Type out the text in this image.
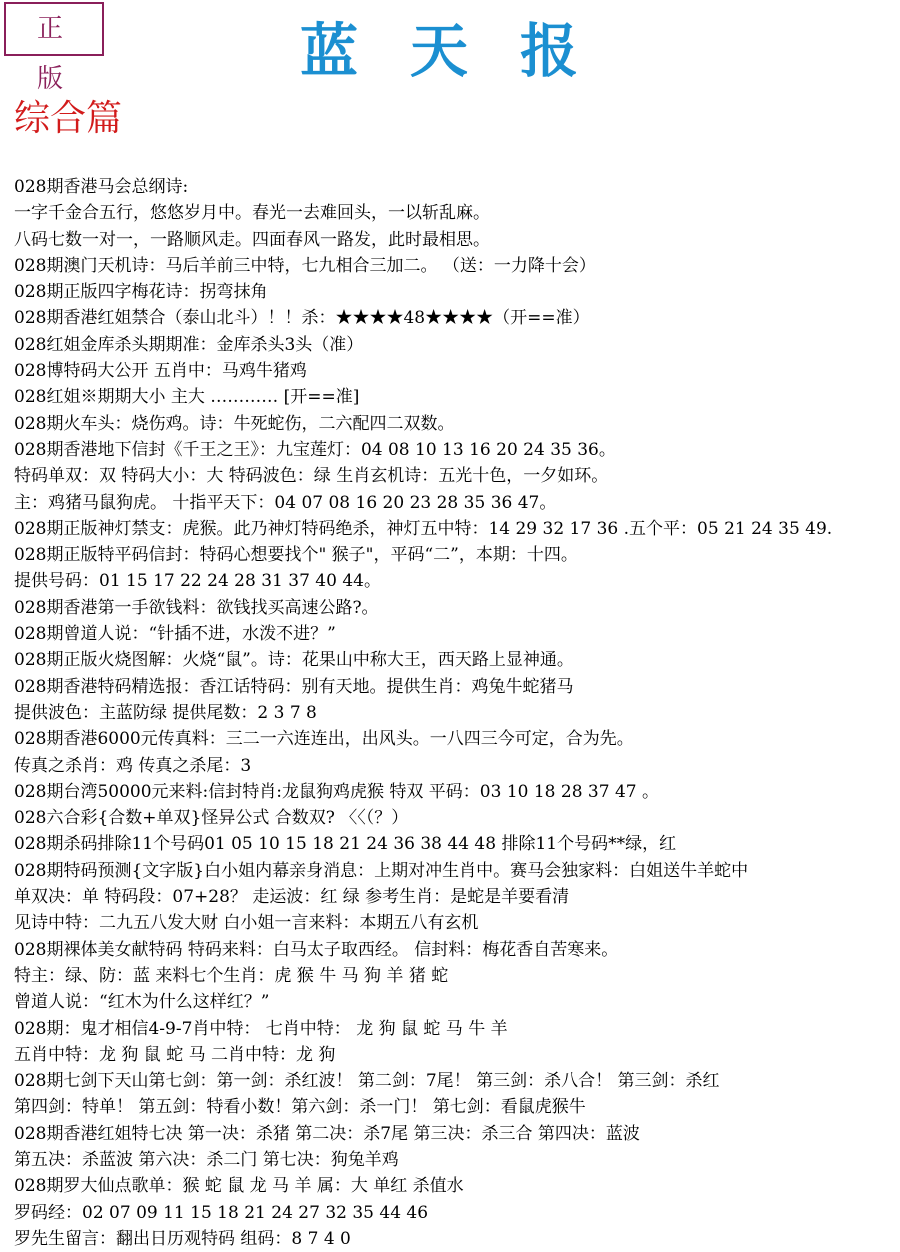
正 版	蓝天报
综合篇
028期香港马会总纲诗:
一字千金合五行，悠悠岁月中。春光一去难回头，一以斩乱麻。
八码七数一对一，一路顺风走。四面春风一路发，此时最相思。
028期澳门天机诗：马后羊前三中特，七九相合三加二。 （送：一力降十会）
028期正版四字梅花诗：拐弯抹角
028期香港红姐禁合（泰山北斗）！！杀：★★★★48★★★★（开==准）
028红姐金库杀头期期准：金库杀头3头（准）
028博特码大公开 五肖中：马鸡牛猪鸡
028红姐※期期大小 主大 ………… [开==准]
028期火车头：烧伤鸡。诗：牛死蛇伤，二六配四二双数。
028期香港地下信封《千王之王》：九宝莲灯：04 08 10 13 16 20 24 35 36。
特码单双：双 特码大小：大 特码波色：绿 生肖玄机诗：五光十色，一夕如环。
主：鸡猪马鼠狗虎。 十指平天下：04 07 08 16 20 23 28 35 36 47。
028期正版神灯禁支：虎猴。此乃神灯特码绝杀，神灯五中特：14 29 32 17 36 .五个平：05 21 24 35 49.
028期正版特平码信封：特码心想要找个" 猴子"，平码“二”，本期：十四。
提供号码：01 15 17 22 24 28 31 37 40 44。
028期香港第一手欲钱料：欲钱找买高速公路?。
028期曾道人说：“针插不进，水泼不进？”
028期正版火烧图解：火烧“鼠”。诗：花果山中称大王，西天路上显神通。
028期香港特码精选报：香江话特码：别有天地。提供生肖：鸡兔牛蛇猪马
提供波色：主蓝防绿 提供尾数：2 3 7 8
028期香港6000元传真料：三二一六连连出，出风头。一八四三今可定，合为先。
传真之杀肖：鸡 传真之杀尾：3
028期台湾50000元来料:信封特肖:龙鼠狗鸡虎猴 特双 平码：03 10 18 28 37 47 。
028六合彩{合数+单双}怪异公式 合数双? 〈〈（？）
028期杀码排除11个号码01 05 10 15 18 21 24 36 38 44 48 排除11个号码**绿，红
028期特码预测{文字版}白小姐内幕亲身消息：上期对冲生肖中。赛马会独家料：白姐送牛羊蛇中
单双决：单 特码段：07+28？ 走运波：红 绿 参考生肖：是蛇是羊要看清
见诗中特：二九五八发大财 白小姐一言来料：本期五八有玄机
028期裸体美女献特码 特码来料：白马太子取西经。 信封料：梅花香自苦寒来。
特主：绿、防：蓝 来料七个生肖：虎 猴 牛 马 狗 羊 猪 蛇
曾道人说：“红木为什么这样红？”
028期：鬼才相信4-9-7肖中特： 七肖中特： 龙 狗 鼠 蛇 马 牛 羊
五肖中特：龙 狗 鼠 蛇 马 二肖中特：龙 狗
028期七剑下天山第七剑：第一剑：杀红波！ 第二剑：7尾！ 第三剑：杀八合！ 第三剑：杀红
第四剑：特单！ 第五剑：特看小数！第六剑：杀一门！ 第七剑：看鼠虎猴牛
028期香港红姐特七决 第一决：杀猪 第二决：杀7尾 第三决：杀三合 第四决：蓝波
第五决：杀蓝波 第六决：杀二门 第七决：狗兔羊鸡
028期罗大仙点歌单：猴 蛇 鼠 龙 马 羊 属：大 单红 杀值水
罗码经：02 07 09 11 15 18 21 24 27 32 35 44 46
罗先生留言：翻出日历观特码 组码：8 7 4 0
